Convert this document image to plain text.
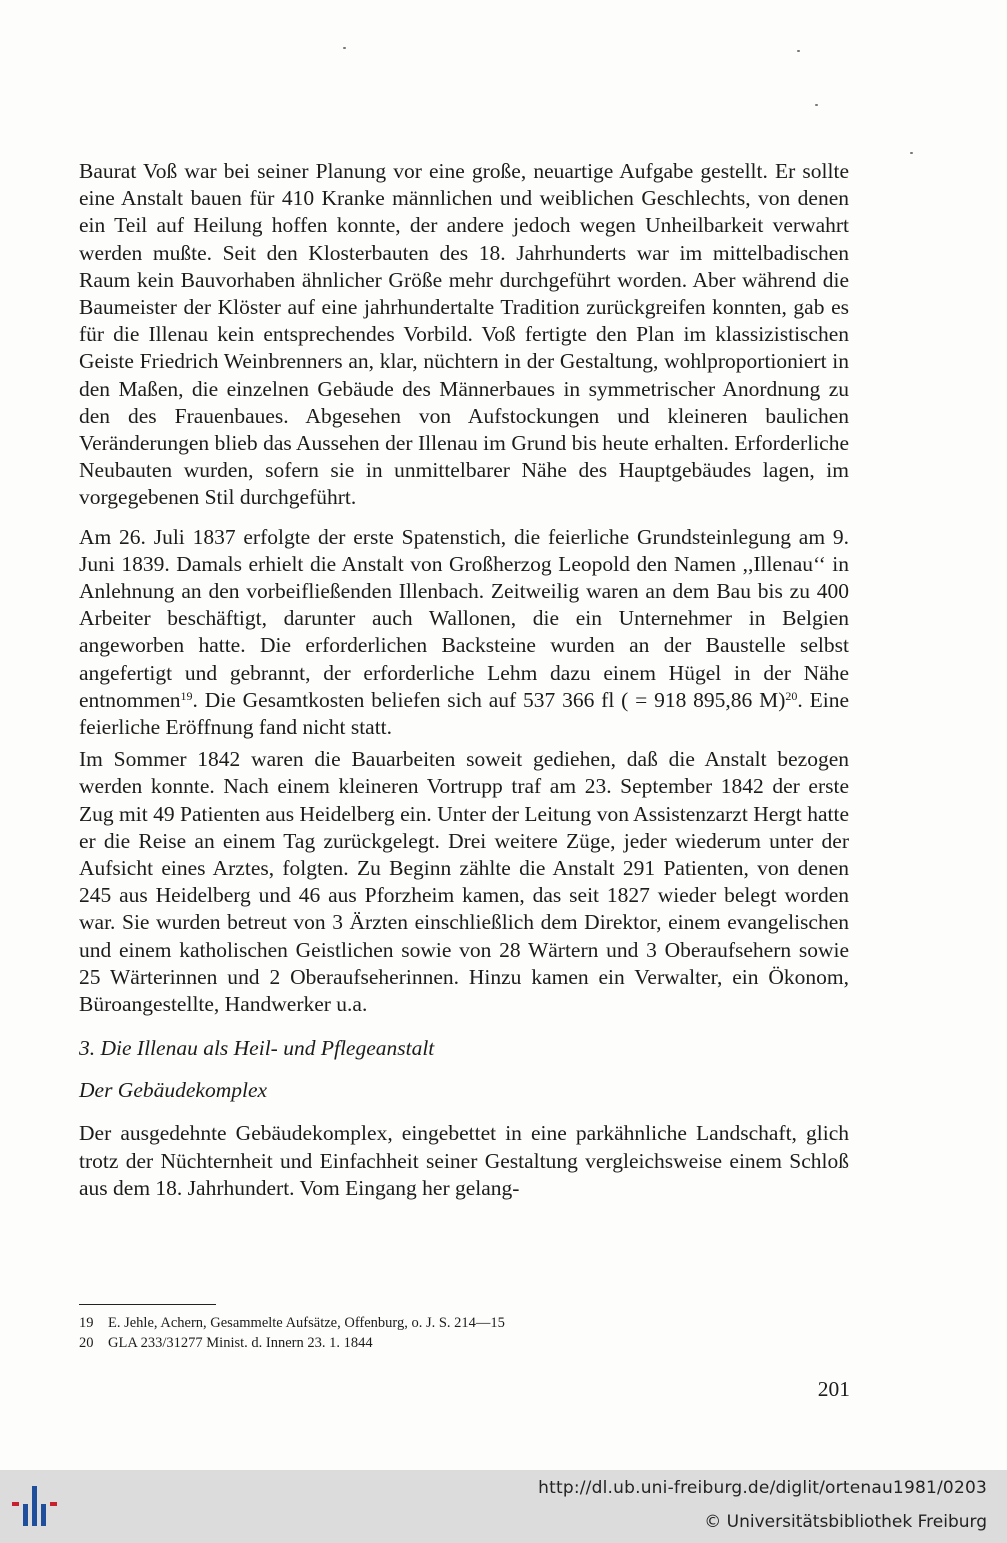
Baurat Voß war bei seiner Planung vor eine große, neuartige Aufgabe gestellt. Er sollte eine Anstalt bauen für 410 Kranke männlichen und weiblichen Geschlechts, von denen ein Teil auf Heilung hoffen konnte, der andere jedoch wegen Unheilbarkeit verwahrt werden mußte. Seit den Klosterbauten des 18. Jahrhunderts war im mittelbadischen Raum kein Bauvorhaben ähnlicher Größe mehr durchgeführt worden. Aber während die Baumeister der Klöster auf eine jahrhundertalte Tradition zurückgreifen konnten, gab es für die Illenau kein entsprechendes Vorbild. Voß fertigte den Plan im klassizistischen Geiste Friedrich Weinbrenners an, klar, nüchtern in der Gestaltung, wohlproportioniert in den Maßen, die einzelnen Gebäude des Männerbaues in symmetrischer Anordnung zu den des Frauenbaues. Abgesehen von Aufstockungen und kleineren baulichen Veränderungen blieb das Aussehen der Illenau im Grund bis heute erhalten. Erforderliche Neubauten wurden, sofern sie in unmittelbarer Nähe des Hauptgebäudes lagen, im vorgegebenen Stil durchgeführt.

Am 26. Juli 1837 erfolgte der erste Spatenstich, die feierliche Grundsteinlegung am 9. Juni 1839. Damals erhielt die Anstalt von Großherzog Leopold den Namen ,,Illenau‘‘ in Anlehnung an den vorbeifließenden Illenbach. Zeitweilig waren an dem Bau bis zu 400 Arbeiter beschäftigt, darunter auch Wallonen, die ein Unternehmer in Belgien angeworben hatte. Die erforderlichen Backsteine wurden an der Baustelle selbst angefertigt und gebrannt, der erforderliche Lehm dazu einem Hügel in der Nähe entnommen$^{19}$. Die Gesamtkosten beliefen sich auf 537 366 fl ( = 918 895,86 M)$^{20}$. Eine feierliche Eröffnung fand nicht statt.

Im Sommer 1842 waren die Bauarbeiten soweit gediehen, daß die Anstalt bezogen werden konnte. Nach einem kleineren Vortrupp traf am 23. September 1842 der erste Zug mit 49 Patienten aus Heidelberg ein. Unter der Leitung von Assistenzarzt Hergt hatte er die Reise an einem Tag zurückgelegt. Drei weitere Züge, jeder wiederum unter der Aufsicht eines Arztes, folgten. Zu Beginn zählte die Anstalt 291 Patienten, von denen 245 aus Heidelberg und 46 aus Pforzheim kamen, das seit 1827 wieder belegt worden war. Sie wurden betreut von 3 Ärzten einschließlich dem Direktor, einem evangelischen und einem katholischen Geistlichen sowie von 28 Wärtern und 3 Oberaufsehern sowie 25 Wärterinnen und 2 Oberaufseherinnen. Hinzu kamen ein Verwalter, ein Ökonom, Büroangestellte, Handwerker u.a.

3. Die Illenau als Heil- und Pflegeanstalt

Der Gebäudekomplex

Der ausgedehnte Gebäudekomplex, eingebettet in eine parkähnliche Landschaft, glich trotz der Nüchternheit und Einfachheit seiner Gestaltung vergleichsweise einem Schloß aus dem 18. Jahrhundert. Vom Eingang her gelang-

19	E. Jehle, Achern, Gesammelte Aufsätze, Offenburg, o. J. S. 214—15
20	GLA 233/31277 Minist. d. Innern 23. 1. 1844
201
http://dl.ub.uni-freiburg.de/diglit/ortenau1981/0203
© Universitätsbibliothek Freiburg
